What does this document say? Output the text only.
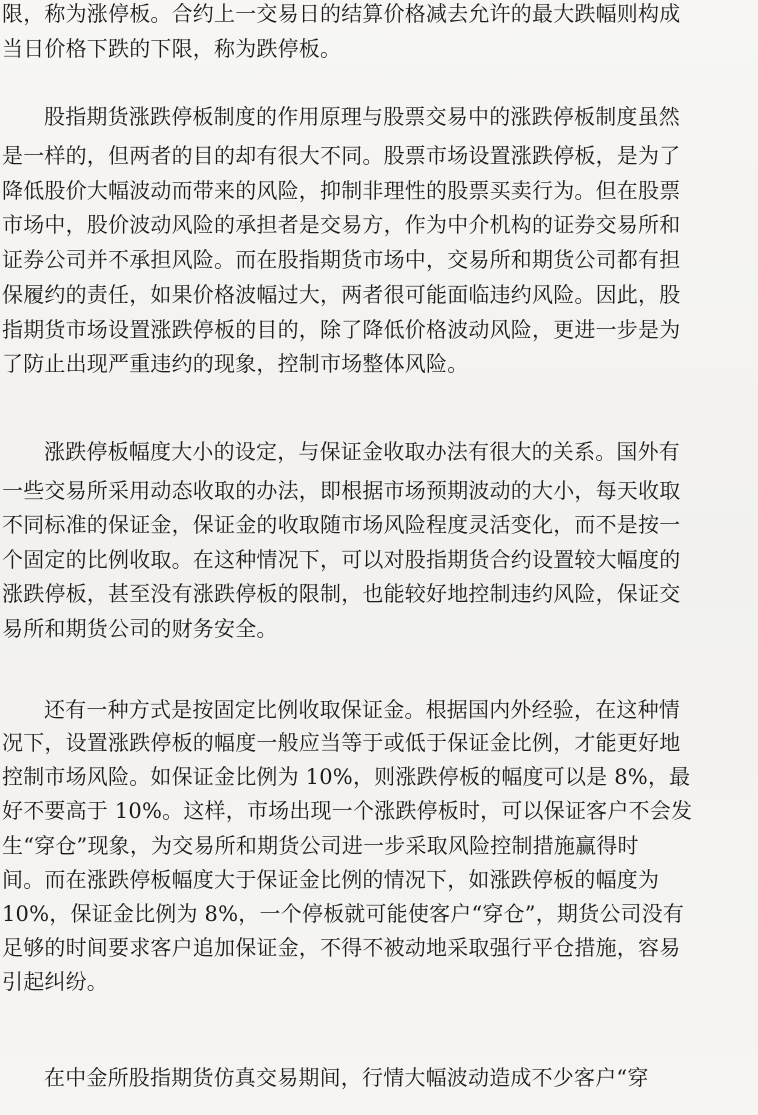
限，称为涨停板。合约上一交易日的结算价格减去允许的最大跌幅则构成

当日价格下跌的下限，称为跌停板。

股指期货涨跌停板制度的作用原理与股票交易中的涨跌停板制度虽然

是一样的，但两者的目的却有很大不同。股票市场设置涨跌停板，是为了

降低股价大幅波动而带来的风险，抑制非理性的股票买卖行为。但在股票

市场中，股价波动风险的承担者是交易方，作为中介机构的证券交易所和

证券公司并不承担风险。而在股指期货市场中，交易所和期货公司都有担

保履约的责任，如果价格波幅过大，两者很可能面临违约风险。因此，股

指期货市场设置涨跌停板的目的，除了降低价格波动风险，更进一步是为

了防止出现严重违约的现象，控制市场整体风险。

涨跌停板幅度大小的设定，与保证金收取办法有很大的关系。国外有

一些交易所采用动态收取的办法，即根据市场预期波动的大小，每天收取

不同标准的保证金，保证金的收取随市场风险程度灵活变化，而不是按一

个固定的比例收取。在这种情况下，可以对股指期货合约设置较大幅度的

涨跌停板，甚至没有涨跌停板的限制，也能较好地控制违约风险，保证交

易所和期货公司的财务安全。

还有一种方式是按固定比例收取保证金。根据国内外经验，在这种情

况下，设置涨跌停板的幅度一般应当等于或低于保证金比例，才能更好地

控制市场风险。如保证金比例为 10%，则涨跌停板的幅度可以是 8%，最

好不要高于 10%。这样，市场出现一个涨跌停板时，可以保证客户不会发

生“穿仓”现象，为交易所和期货公司进一步采取风险控制措施赢得时

间。而在涨跌停板幅度大于保证金比例的情况下，如涨跌停板的幅度为

10%，保证金比例为 8%，一个停板就可能使客户“穿仓”，期货公司没有

足够的时间要求客户追加保证金，不得不被动地采取强行平仓措施，容易

引起纠纷。

在中金所股指期货仿真交易期间，行情大幅波动造成不少客户“穿
